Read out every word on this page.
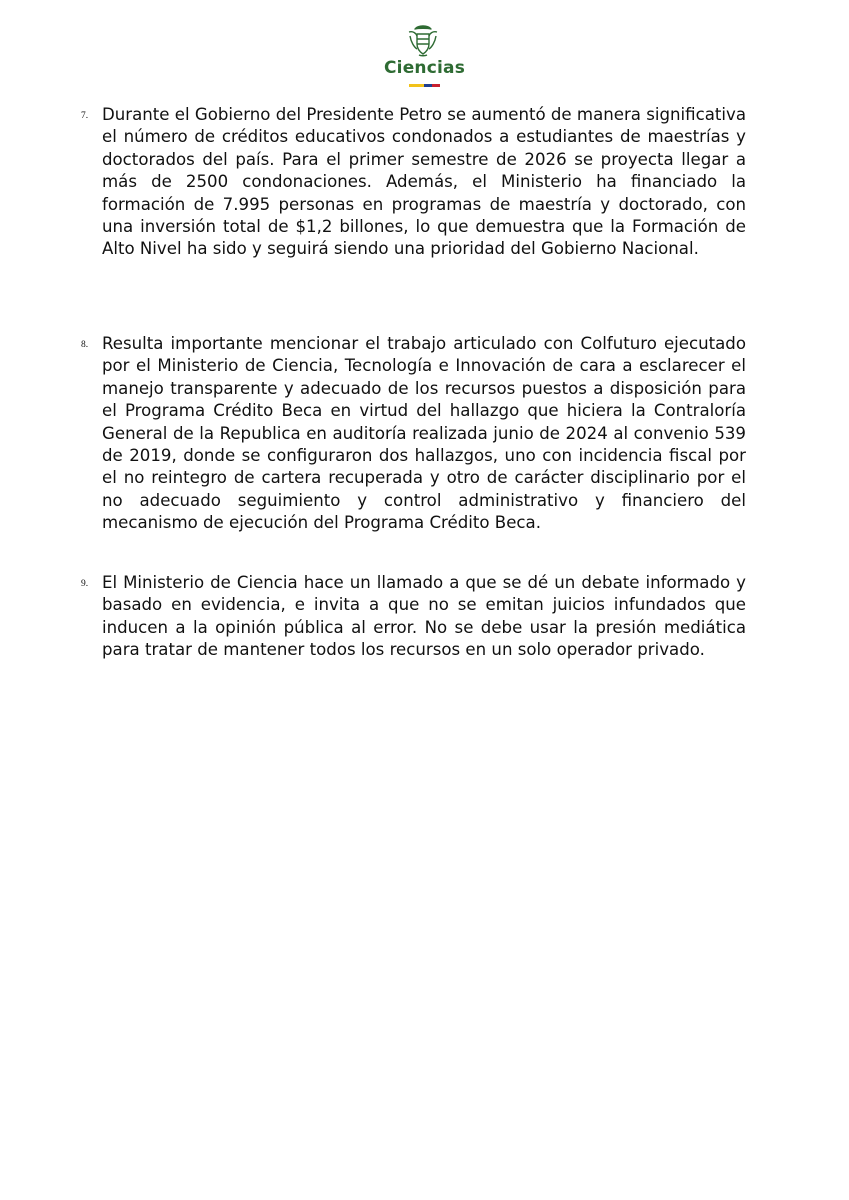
Ciencias
7. Durante el Gobierno del Presidente Petro se aumentó de manera significativa el número de créditos educativos condonados a estudiantes de maestrías y doctorados del país. Para el primer semestre de 2026 se proyecta llegar a más de 2500 condonaciones. Además, el Ministerio ha financiado la formación de 7.995 personas en programas de maestría y doctorado, con una inversión total de $1,2 billones, lo que demuestra que la Formación de Alto Nivel ha sido y seguirá siendo una prioridad del Gobierno Nacional.
8. Resulta importante mencionar el trabajo articulado con Colfuturo ejecutado por el Ministerio de Ciencia, Tecnología e Innovación de cara a esclarecer el manejo transparente y adecuado de los recursos puestos a disposición para el Programa Crédito Beca en virtud del hallazgo que hiciera la Contraloría General de la Republica en auditoría realizada junio de 2024 al convenio 539 de 2019, donde se configuraron dos hallazgos, uno con incidencia fiscal por el no reintegro de cartera recuperada y otro de carácter disciplinario por el no adecuado seguimiento y control administrativo y financiero del mecanismo de ejecución del Programa Crédito Beca.
9. El Ministerio de Ciencia hace un llamado a que se dé un debate informado y basado en evidencia, e invita a que no se emitan juicios infundados que inducen a la opinión pública al error. No se debe usar la presión mediática para tratar de mantener todos los recursos en un solo operador privado.
